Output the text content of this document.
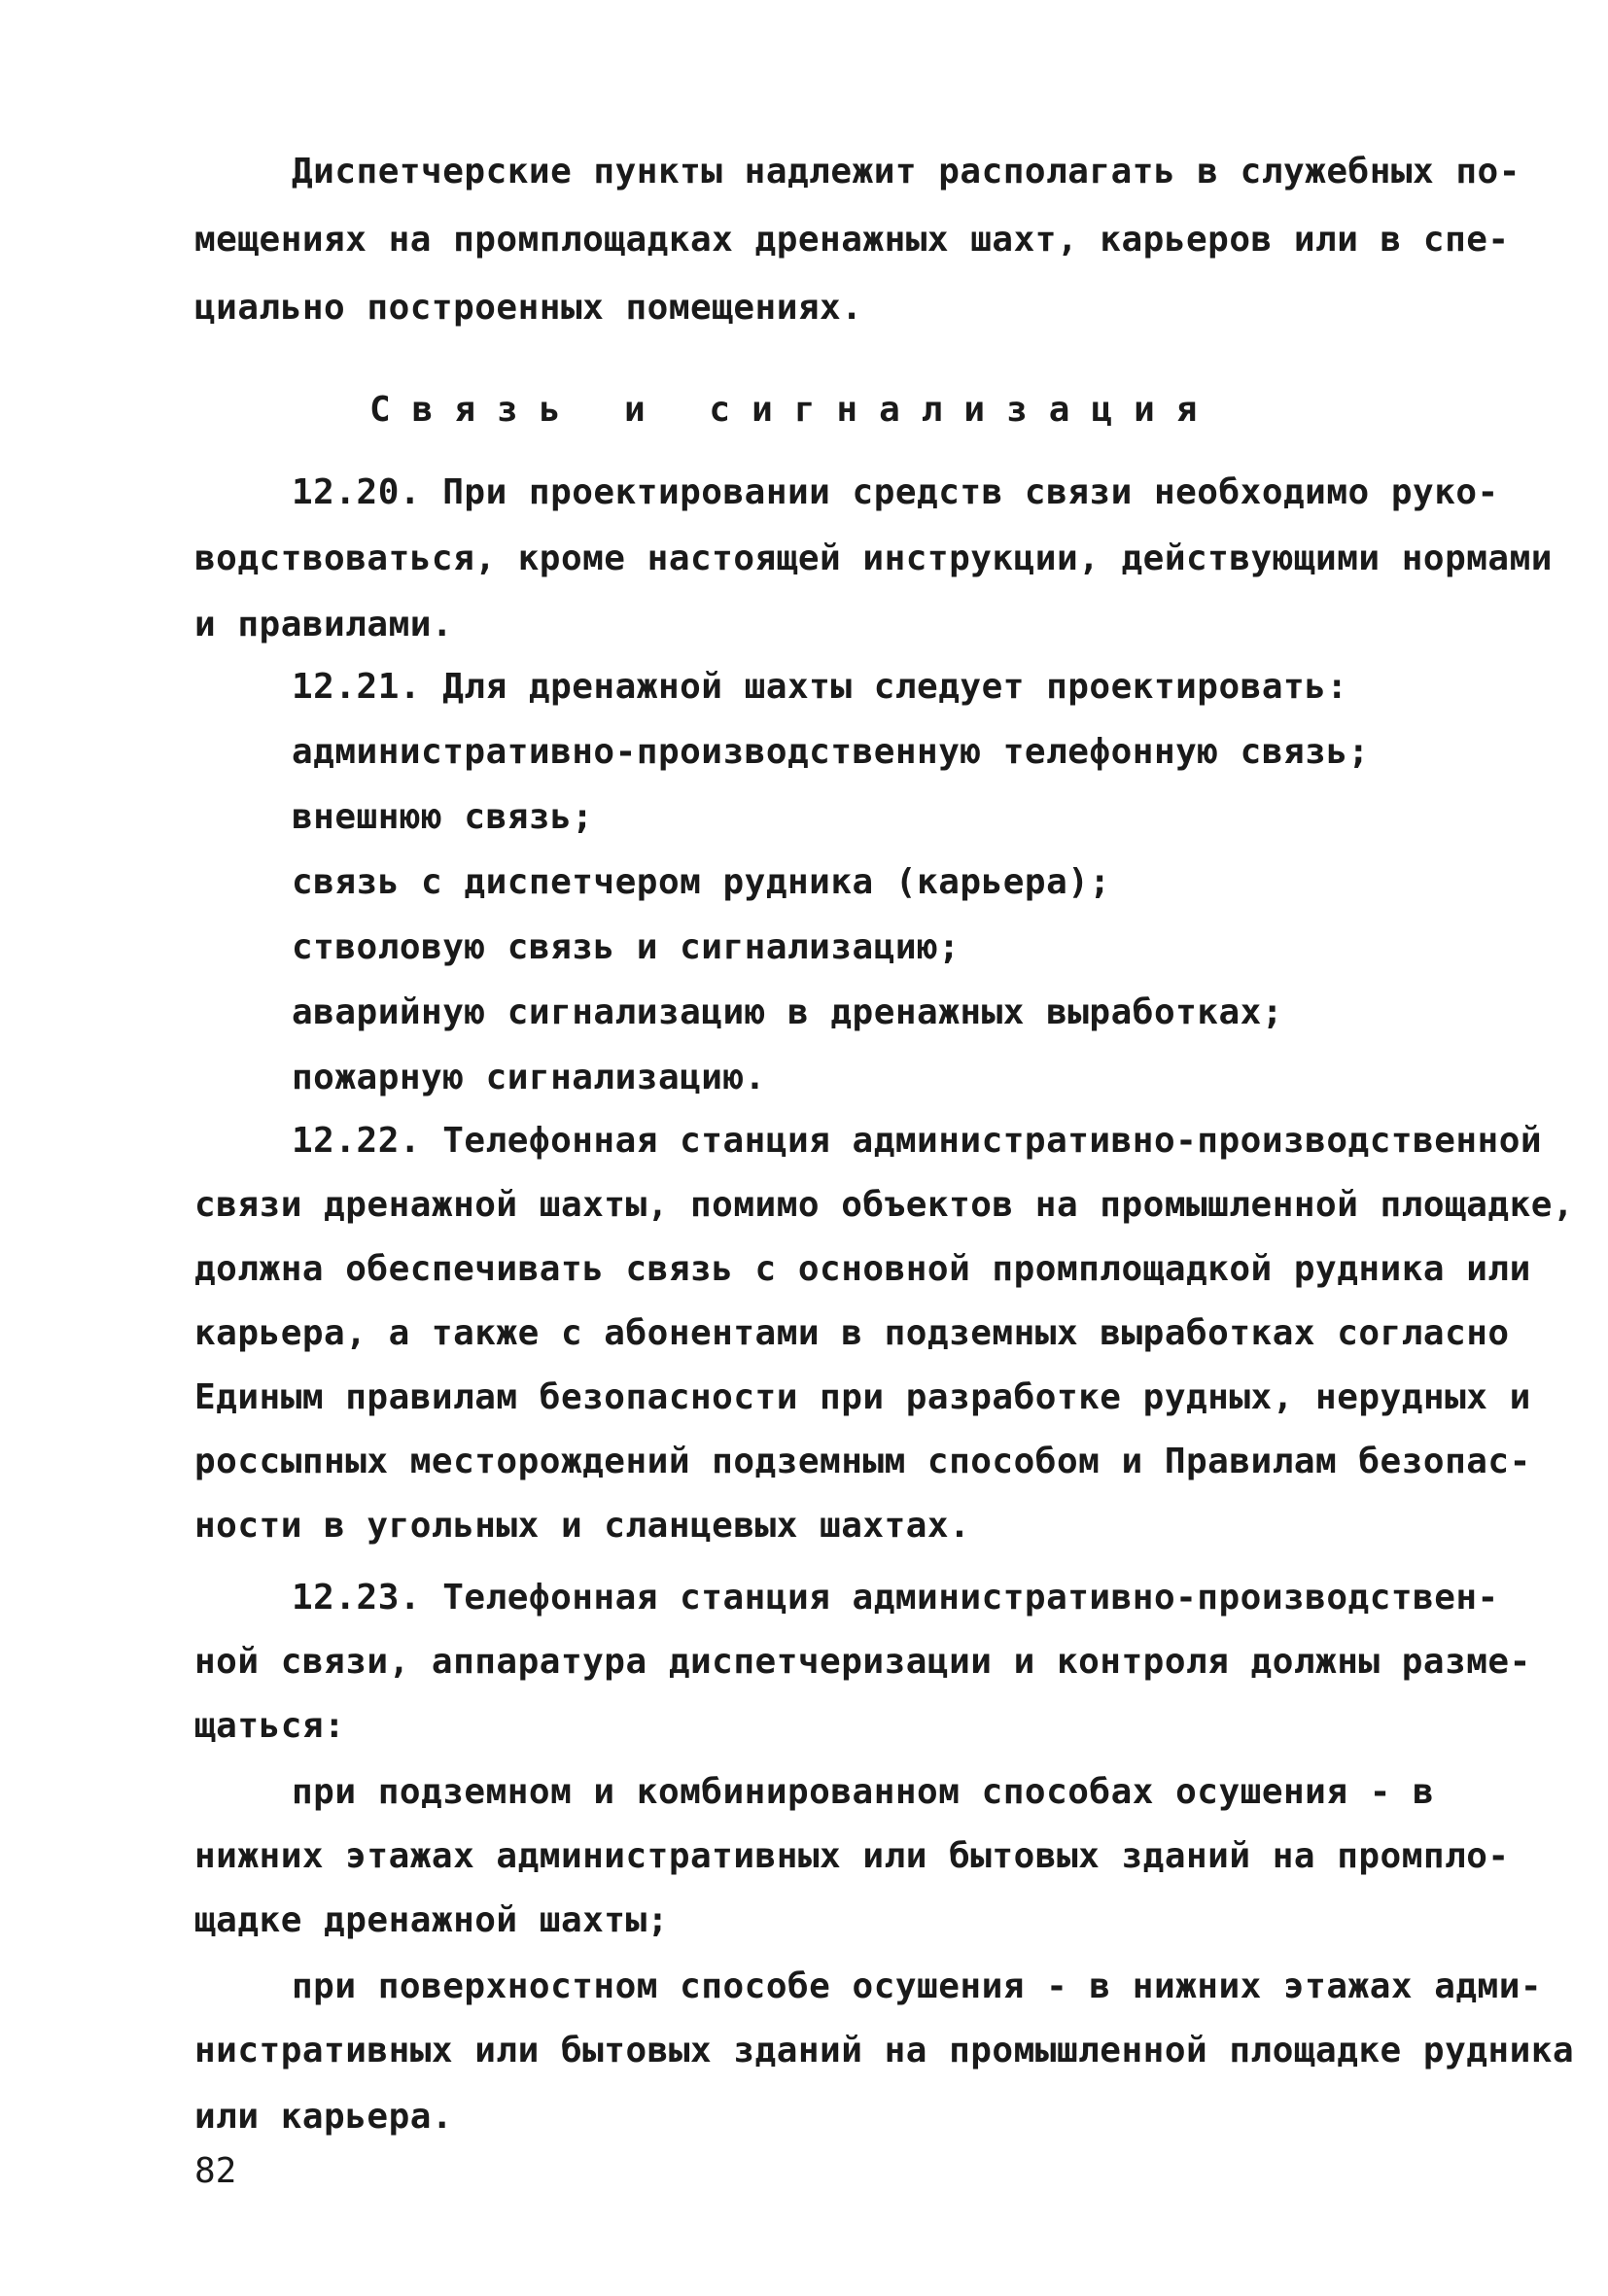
Диспетчерские пункты надлежит располагать в служебных по-
мещениях на промплощадках дренажных шахт, карьеров или в спе-
циально построенных помещениях.
Связь и сигнализация
12.20. При проектировании средств связи необходимо руко-
водствоваться, кроме настоящей инструкции, действующими нормами
и правилами.
12.21. Для дренажной шахты следует проектировать:
административно-производственную телефонную связь;
внешнюю связь;
связь с диспетчером рудника (карьера);
стволовую связь и сигнализацию;
аварийную сигнализацию в дренажных выработках;
пожарную сигнализацию.
12.22. Телефонная станция административно-производственной
связи дренажной шахты, помимо объектов на промышленной площадке,
должна обеспечивать связь с основной промплощадкой рудника или
карьера, а также с абонентами в подземных выработках согласно
Единым правилам безопасности при разработке рудных, нерудных и
россыпных месторождений подземным способом и Правилам безопас-
ности в угольных и сланцевых шахтах.
12.23. Телефонная станция административно-производствен-
ной связи, аппаратура диспетчеризации и контроля должны разме-
щаться:
при подземном и комбинированном способах осушения - в
нижних этажах административных или бытовых зданий на промпло-
щадке дренажной шахты;
при поверхностном способе осушения - в нижних этажах адми-
нистративных или бытовых зданий на промышленной площадке рудника
или карьера.
82
